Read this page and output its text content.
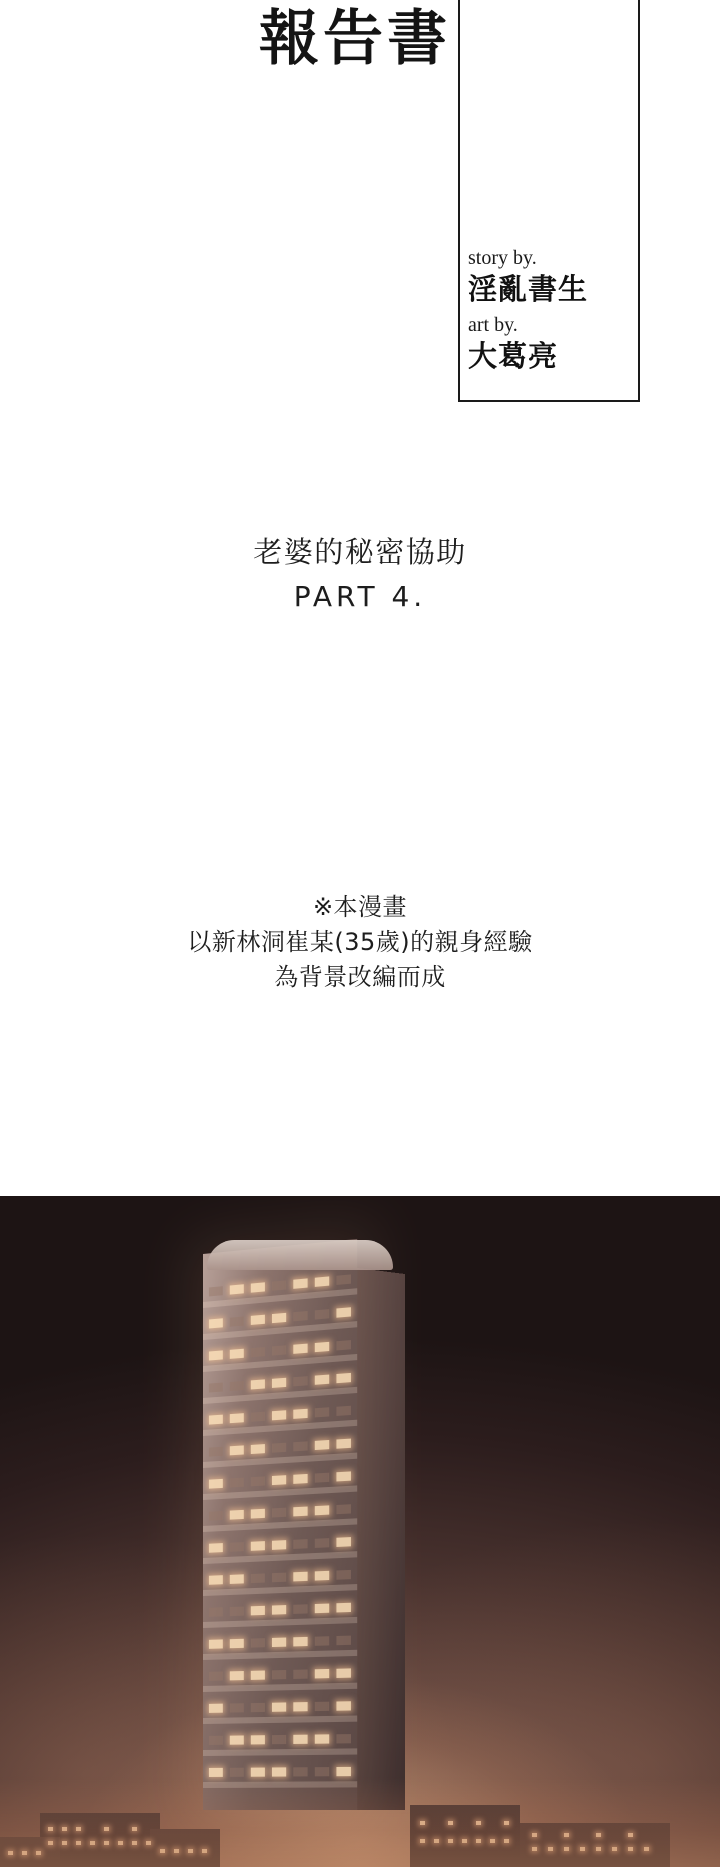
報告書

story by.

淫亂書生

art by.

大葛亮

老婆的秘密協助

PART 4.

※本漫畫

以新林洞崔某(35歲)的親身經驗

為背景改編而成
